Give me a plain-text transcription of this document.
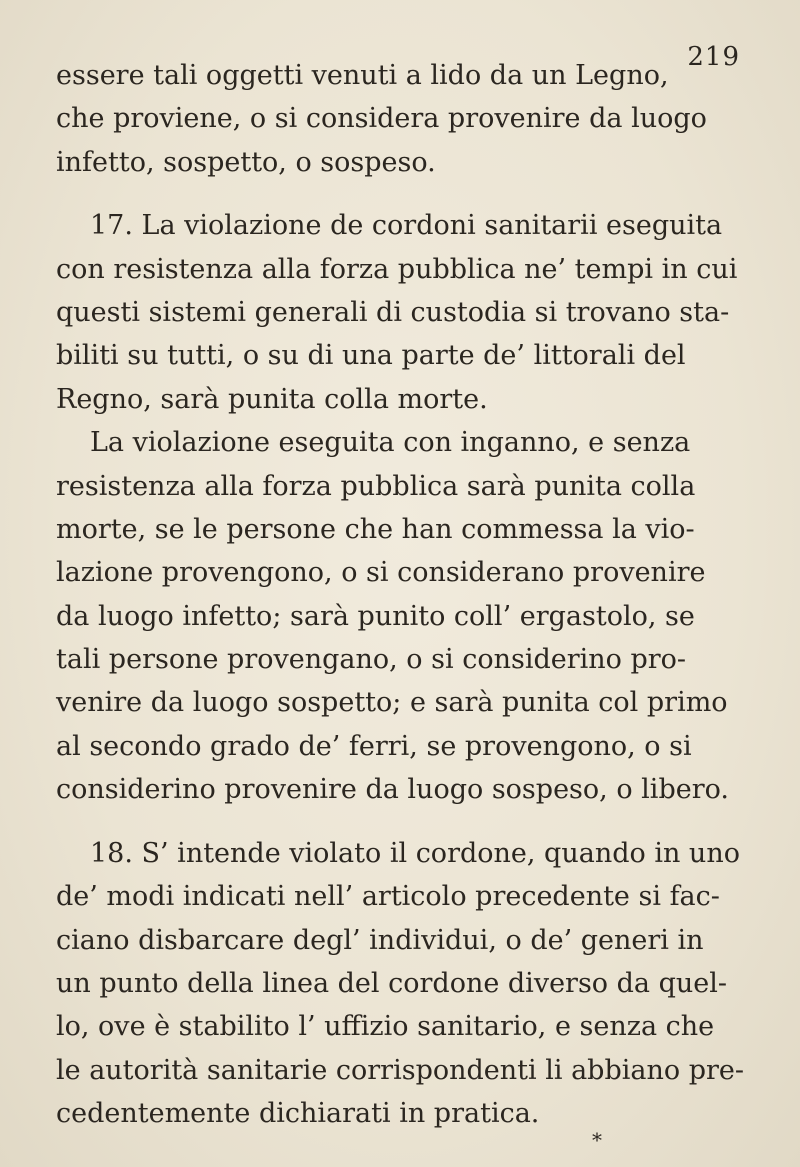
219
essere tali oggetti venuti a lido da un Legno,
che proviene, o si considera provenire da luogo
infetto, sospetto, o sospeso.
17. La violazione de cordoni sanitarii eseguita
con resistenza alla forza pubblica ne’ tempi in cui
questi sistemi generali di custodia si trovano sta-
biliti su tutti, o su di una parte de’ littorali del
Regno, sarà punita colla morte.
La violazione eseguita con inganno, e senza
resistenza alla forza pubblica sarà punita colla
morte, se le persone che han commessa la vio-
lazione provengono, o si considerano provenire
da luogo infetto; sarà punito coll’ ergastolo, se
tali persone provengano, o si considerino pro-
venire da luogo sospetto; e sarà punita col primo
al secondo grado de’ ferri, se provengono, o si
considerino provenire da luogo sospeso, o libero.
18. S’ intende violato il cordone, quando in uno
de’ modi indicati nell’ articolo precedente si fac-
ciano disbarcare degl’ individui, o de’ generi in
un punto della linea del cordone diverso da quel-
lo, ove è stabilito l’ uffizio sanitario, e senza che
le autorità sanitarie corrispondenti li abbiano pre-
cedentemente dichiarati in pratica.
*
